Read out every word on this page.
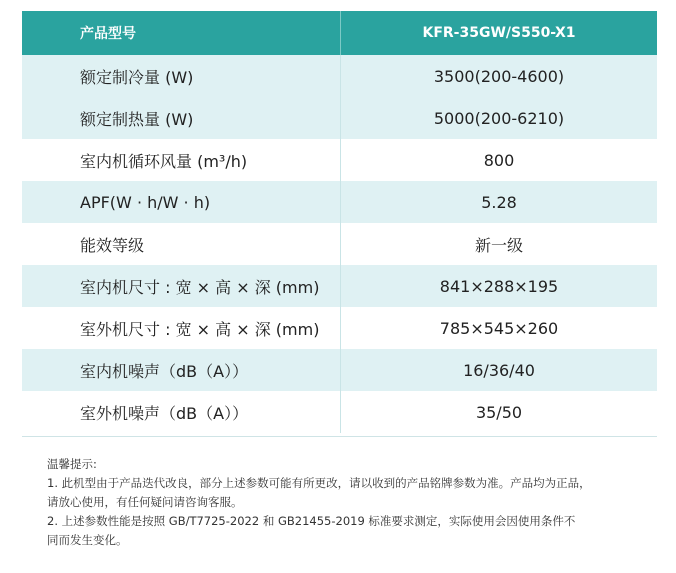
产品型号	KFR-35GW/S550-X1
额定制冷量 (W)	3500(200-4600)
额定制热量 (W)	5000(200-6210)
室内机循环风量 (m³/h)	800
APF(W · h/W · h)	5.28
能效等级	新一级
室内机尺寸 : 宽 × 高 × 深 (mm)	841×288×195
室外机尺寸 : 宽 × 高 × 深 (mm)	785×545×260
室内机噪声（dB（A））	16/36/40
室外机噪声（dB（A））	35/50

温馨提示:

1. 此机型由于产品迭代改良，部分上述参数可能有所更改，请以收到的产品铭牌参数为准。产品均为正品，

请放心使用，有任何疑问请咨询客服。

2. 上述参数性能是按照 GB/T7725-2022 和 GB21455-2019 标准要求测定，实际使用会因使用条件不

同而发生变化。
